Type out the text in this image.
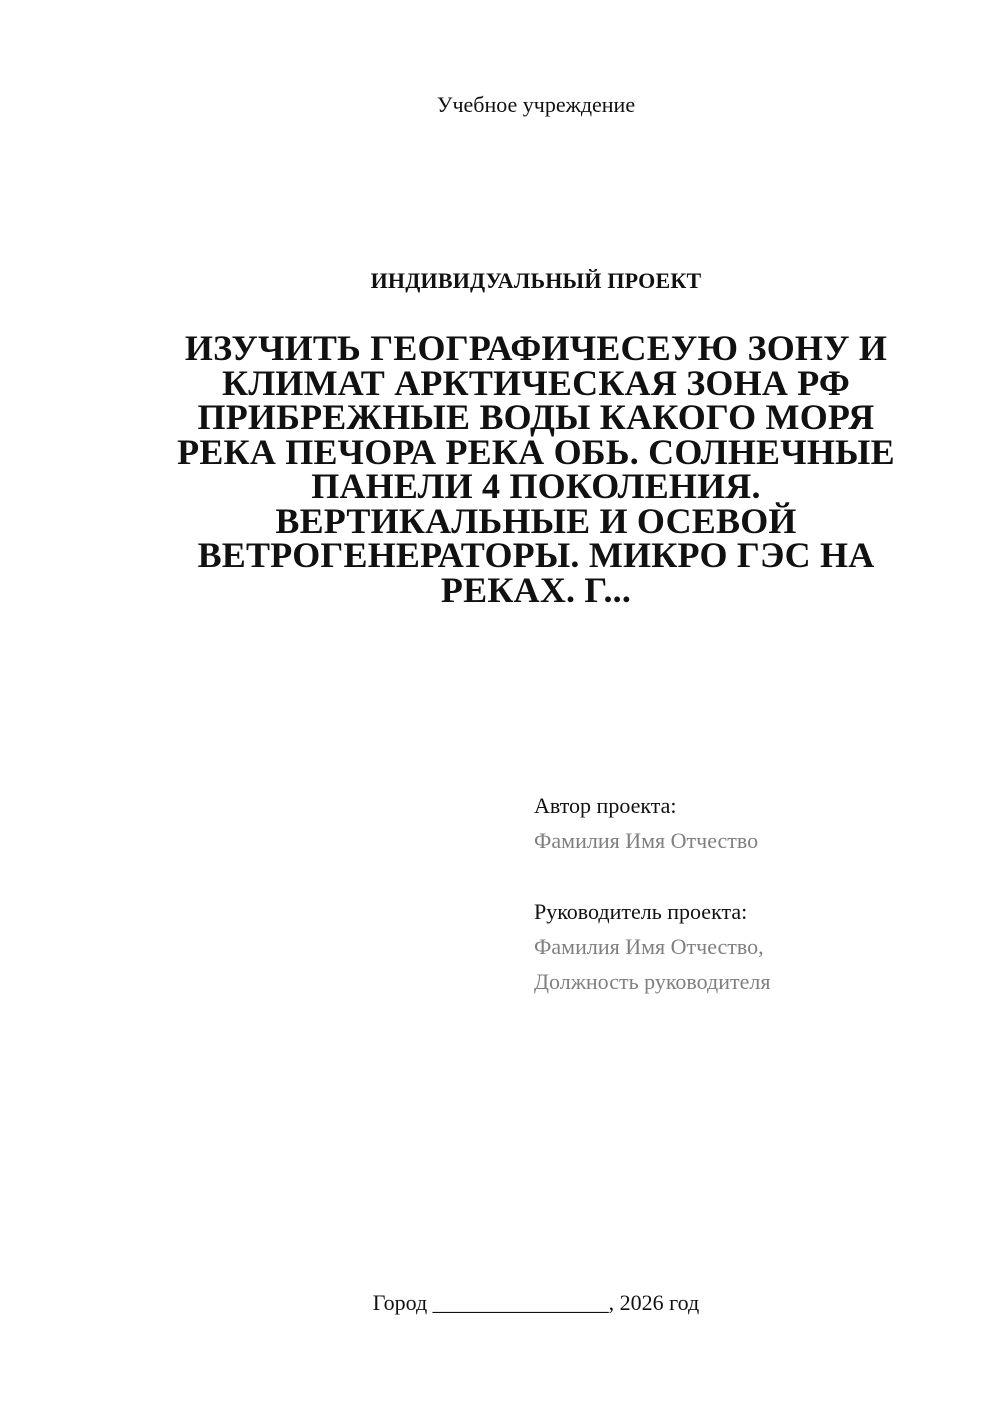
Учебное учреждение
ИНДИВИДУАЛЬНЫЙ ПРОЕКТ
ИЗУЧИТЬ ГЕОГРАФИЧЕСЕУЮ ЗОНУ И КЛИМАТ АРКТИЧЕСКАЯ ЗОНА РФ ПРИБРЕЖНЫЕ ВОДЫ КАКОГО МОРЯ РЕКА ПЕЧОРА РЕКА ОБЬ. СОЛНЕЧНЫЕ ПАНЕЛИ 4 ПОКОЛЕНИЯ. ВЕРТИКАЛЬНЫЕ И ОСЕВОЙ ВЕТРОГЕНЕРАТОРЫ. МИКРО ГЭС НА РЕКАХ. Г...
Автор проекта:
Фамилия Имя Отчество
Руководитель проекта:
Фамилия Имя Отчество,
Должность руководителя
Город ________________, 2026 год
